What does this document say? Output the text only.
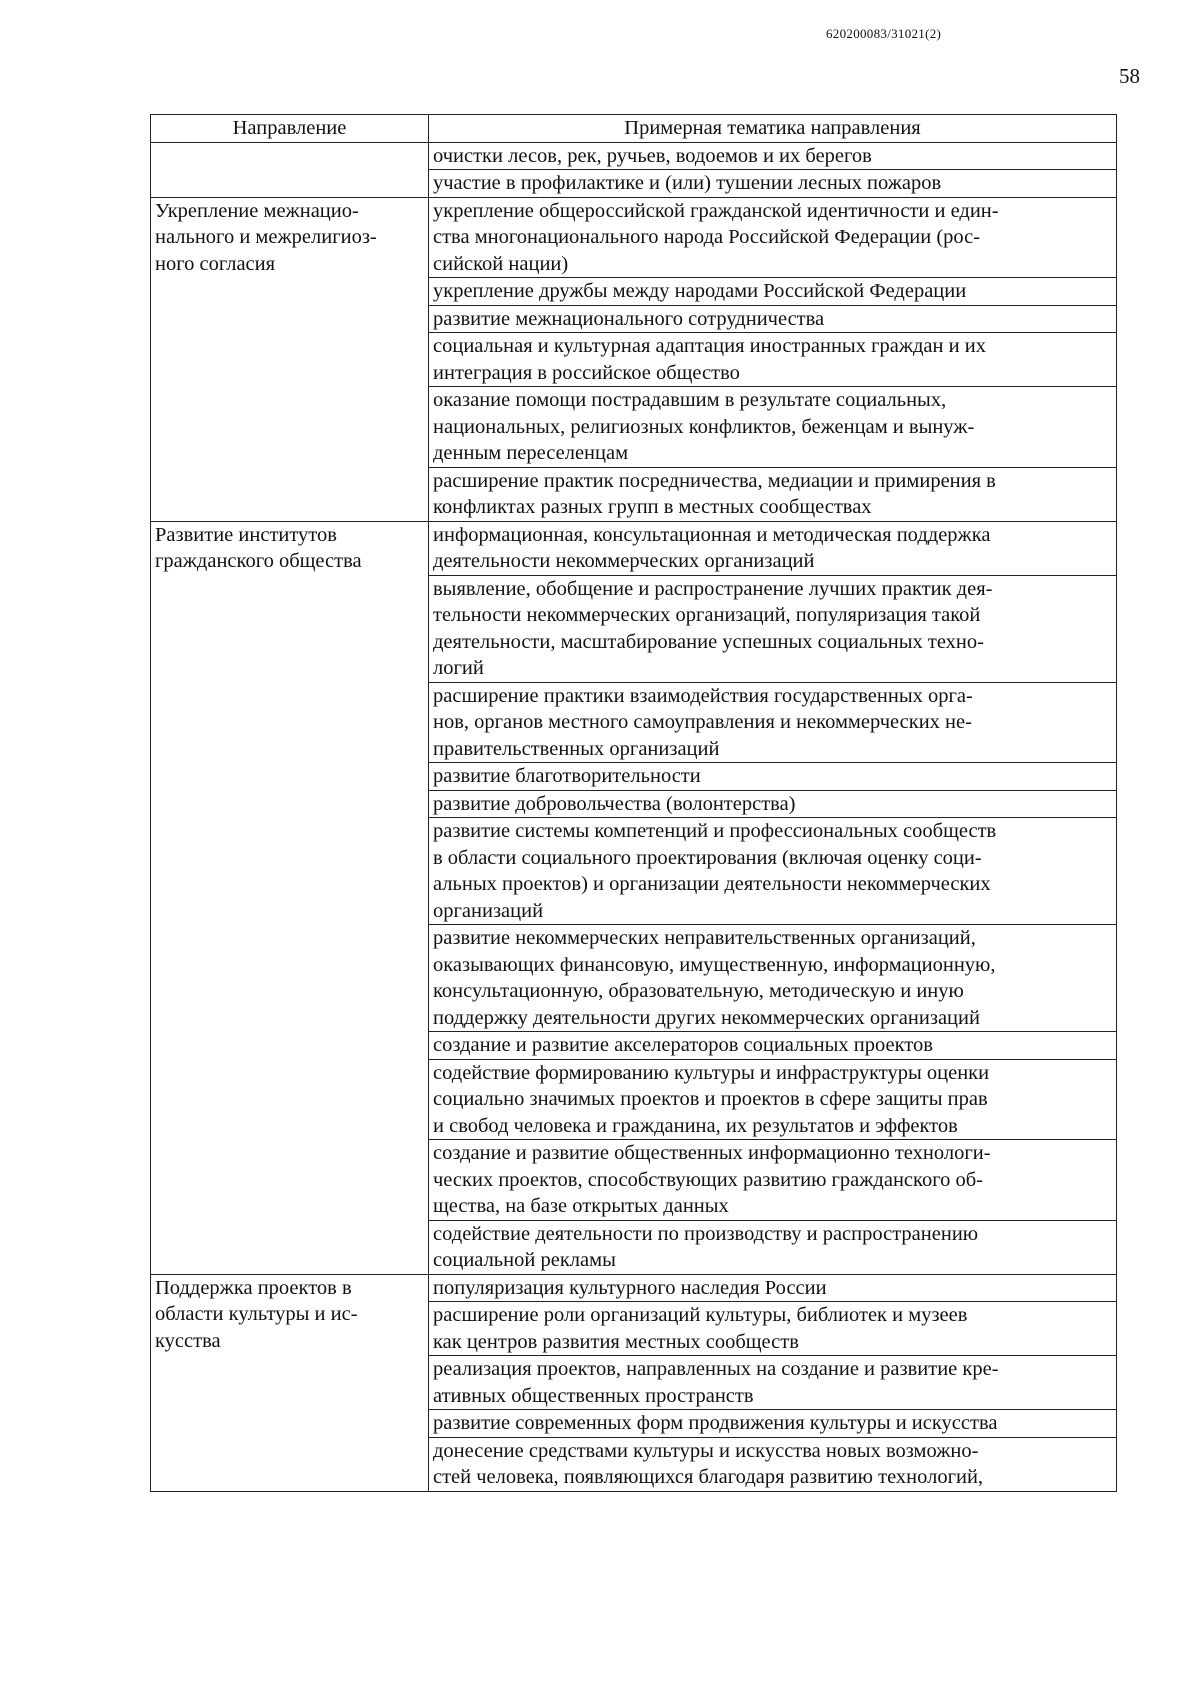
620200083/31021(2)
58
Направление	Примерная тематика направления
	очистки лесов, рек, ручьев, водоемов и их берегов
	участие в профилактике и (или) тушении лесных пожаров
Укрепление межнацио-
нального и межрелигиоз-
ного согласия	укрепление общероссийской гражданской идентичности и един-
ства многонационального народа Российской Федерации (рос-
сийской нации)
	укрепление дружбы между народами Российской Федерации
	развитие межнационального сотрудничества
	социальная и культурная адаптация иностранных граждан и их
интеграция в российское общество
	оказание помощи пострадавшим в результате социальных,
национальных, религиозных конфликтов, беженцам и вынуж-
денным переселенцам
	расширение практик посредничества, медиации и примирения в
конфликтах разных групп в местных сообществах
Развитие институтов
гражданского общества	информационная, консультационная и методическая поддержка
деятельности некоммерческих организаций
	выявление, обобщение и распространение лучших практик дея-
тельности некоммерческих организаций, популяризация такой
деятельности, масштабирование успешных социальных техно-
логий
	расширение практики взаимодействия государственных орга-
нов, органов местного самоуправления и некоммерческих не-
правительственных организаций
	развитие благотворительности
	развитие добровольчества (волонтерства)
	развитие системы компетенций и профессиональных сообществ
в области социального проектирования (включая оценку соци-
альных проектов) и организации деятельности некоммерческих
организаций
	развитие некоммерческих неправительственных организаций,
оказывающих финансовую, имущественную, информационную,
консультационную, образовательную, методическую и иную
поддержку деятельности других некоммерческих организаций
	создание и развитие акселераторов социальных проектов
	содействие формированию культуры и инфраструктуры оценки
социально значимых проектов и проектов в сфере защиты прав
и свобод человека и гражданина, их результатов и эффектов
	создание и развитие общественных информационно технологи-
ческих проектов, способствующих развитию гражданского об-
щества, на базе открытых данных
	содействие деятельности по производству и распространению
социальной рекламы
Поддержка проектов в
области культуры и ис-
кусства	популяризация культурного наследия России
	расширение роли организаций культуры, библиотек и музеев
как центров развития местных сообществ
	реализация проектов, направленных на создание и развитие кре-
ативных общественных пространств
	развитие современных форм продвижения культуры и искусства
	донесение средствами культуры и искусства новых возможно-
стей человека, появляющихся благодаря развитию технологий,
